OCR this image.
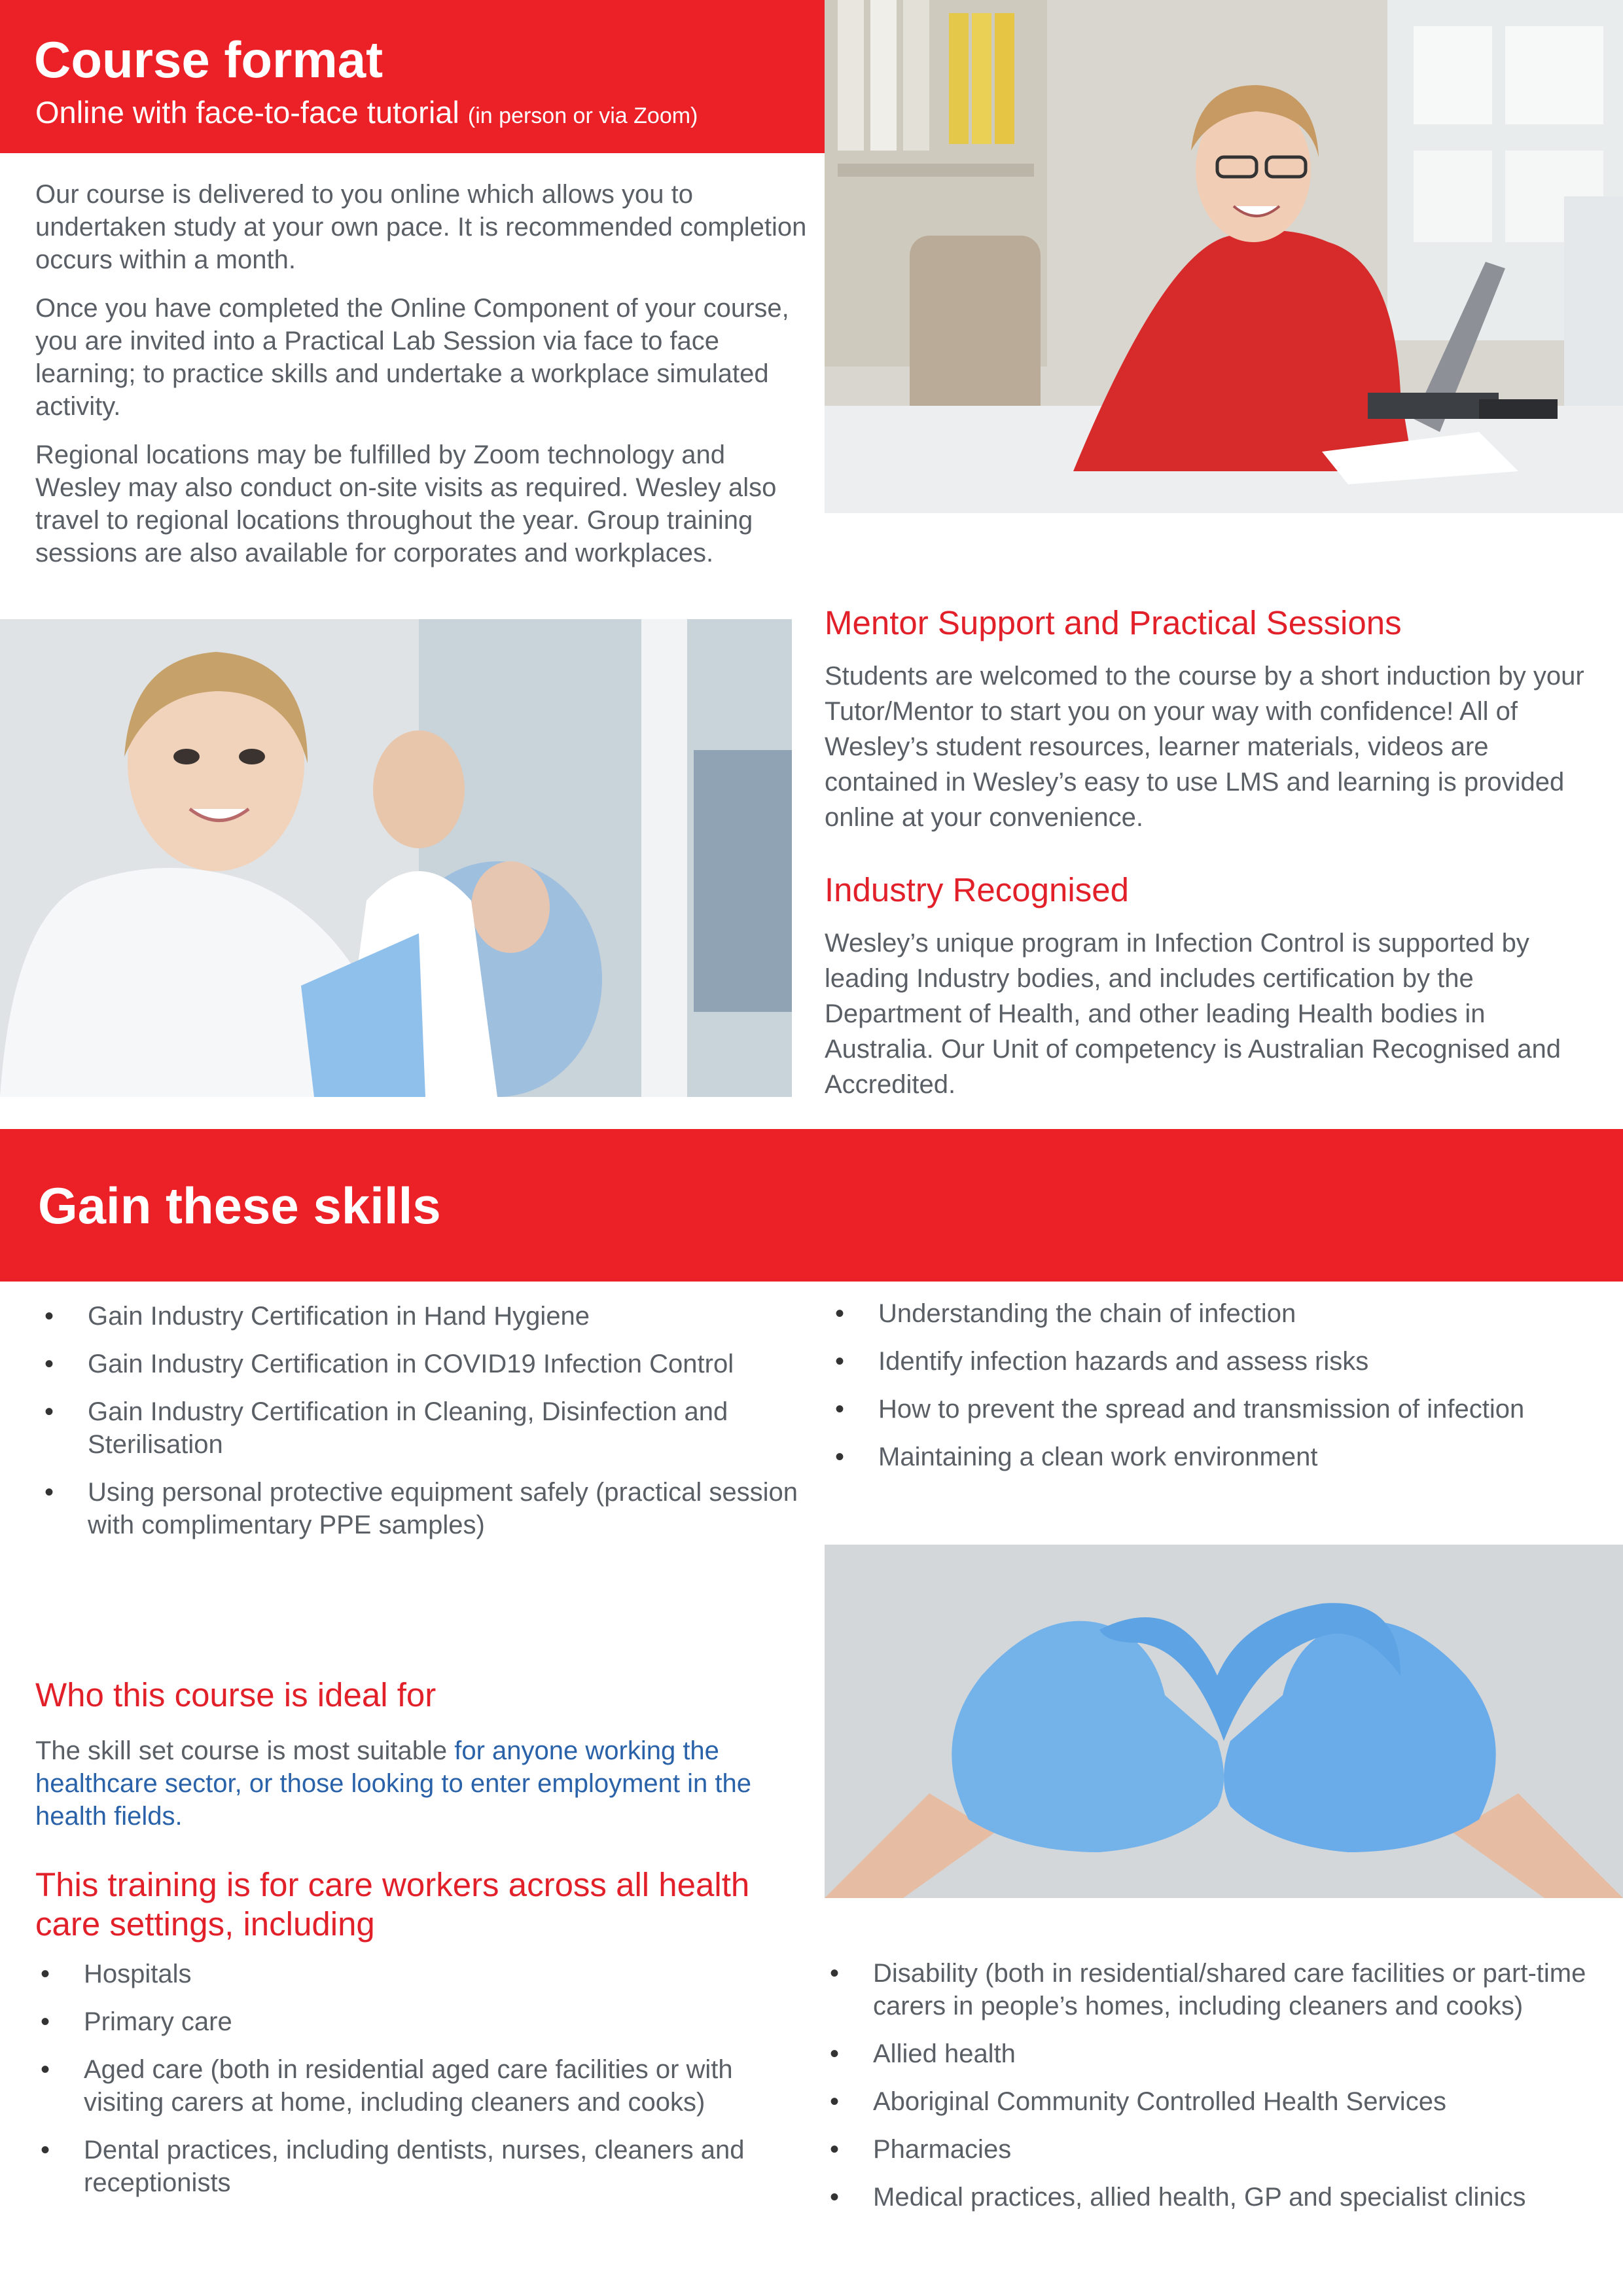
Course format
Online with face-to-face tutorial (in person or via Zoom)

Our course is delivered to you online which allows you to undertaken study at your own pace. It is recommended completion occurs within a month.

Once you have completed the Online Component of your course, you are invited into a Practical Lab Session via face to face learning; to practice skills and undertake a workplace simulated activity.

Regional locations may be fulfilled by Zoom technology and Wesley may also conduct on-site visits as required. Wesley also travel to regional locations throughout the year. Group training sessions are also available for corporates and workplaces.

Mentor Support and Practical Sessions
Students are welcomed to the course by a short induction by your Tutor/Mentor to start you on your way with confidence! All of Wesley’s student resources, learner materials, videos are contained in Wesley’s easy to use LMS and learning is provided online at your convenience.
Industry Recognised
Wesley’s unique program in Infection Control is supported by leading Industry bodies, and includes certification by the Department of Health, and other leading Health bodies in Australia. Our Unit of competency is Australian Recognised and Accredited.
Gain these skills
• Gain Industry Certification in Hand Hygiene
• Gain Industry Certification in COVID19 Infection Control
• Gain Industry Certification in Cleaning, Disinfection and Sterilisation
• Using personal protective equipment safely (practical session with complimentary PPE samples)
• Understanding the chain of infection
• Identify infection hazards and assess risks
• How to prevent the spread and transmission of infection
• Maintaining a clean work environment
Who this course is ideal for
The skill set course is most suitable for anyone working the healthcare sector, or those looking to enter employment in the health fields.
This training is for care workers across all health care settings, including
• Hospitals
• Primary care
• Aged care (both in residential aged care facilities or with visiting carers at home, including cleaners and cooks)
• Dental practices, including dentists, nurses, cleaners and receptionists
• Disability (both in residential/shared care facilities or part-time carers in people’s homes, including cleaners and cooks)
• Allied health
• Aboriginal Community Controlled Health Services
• Pharmacies
• Medical practices, allied health, GP and specialist clinics
